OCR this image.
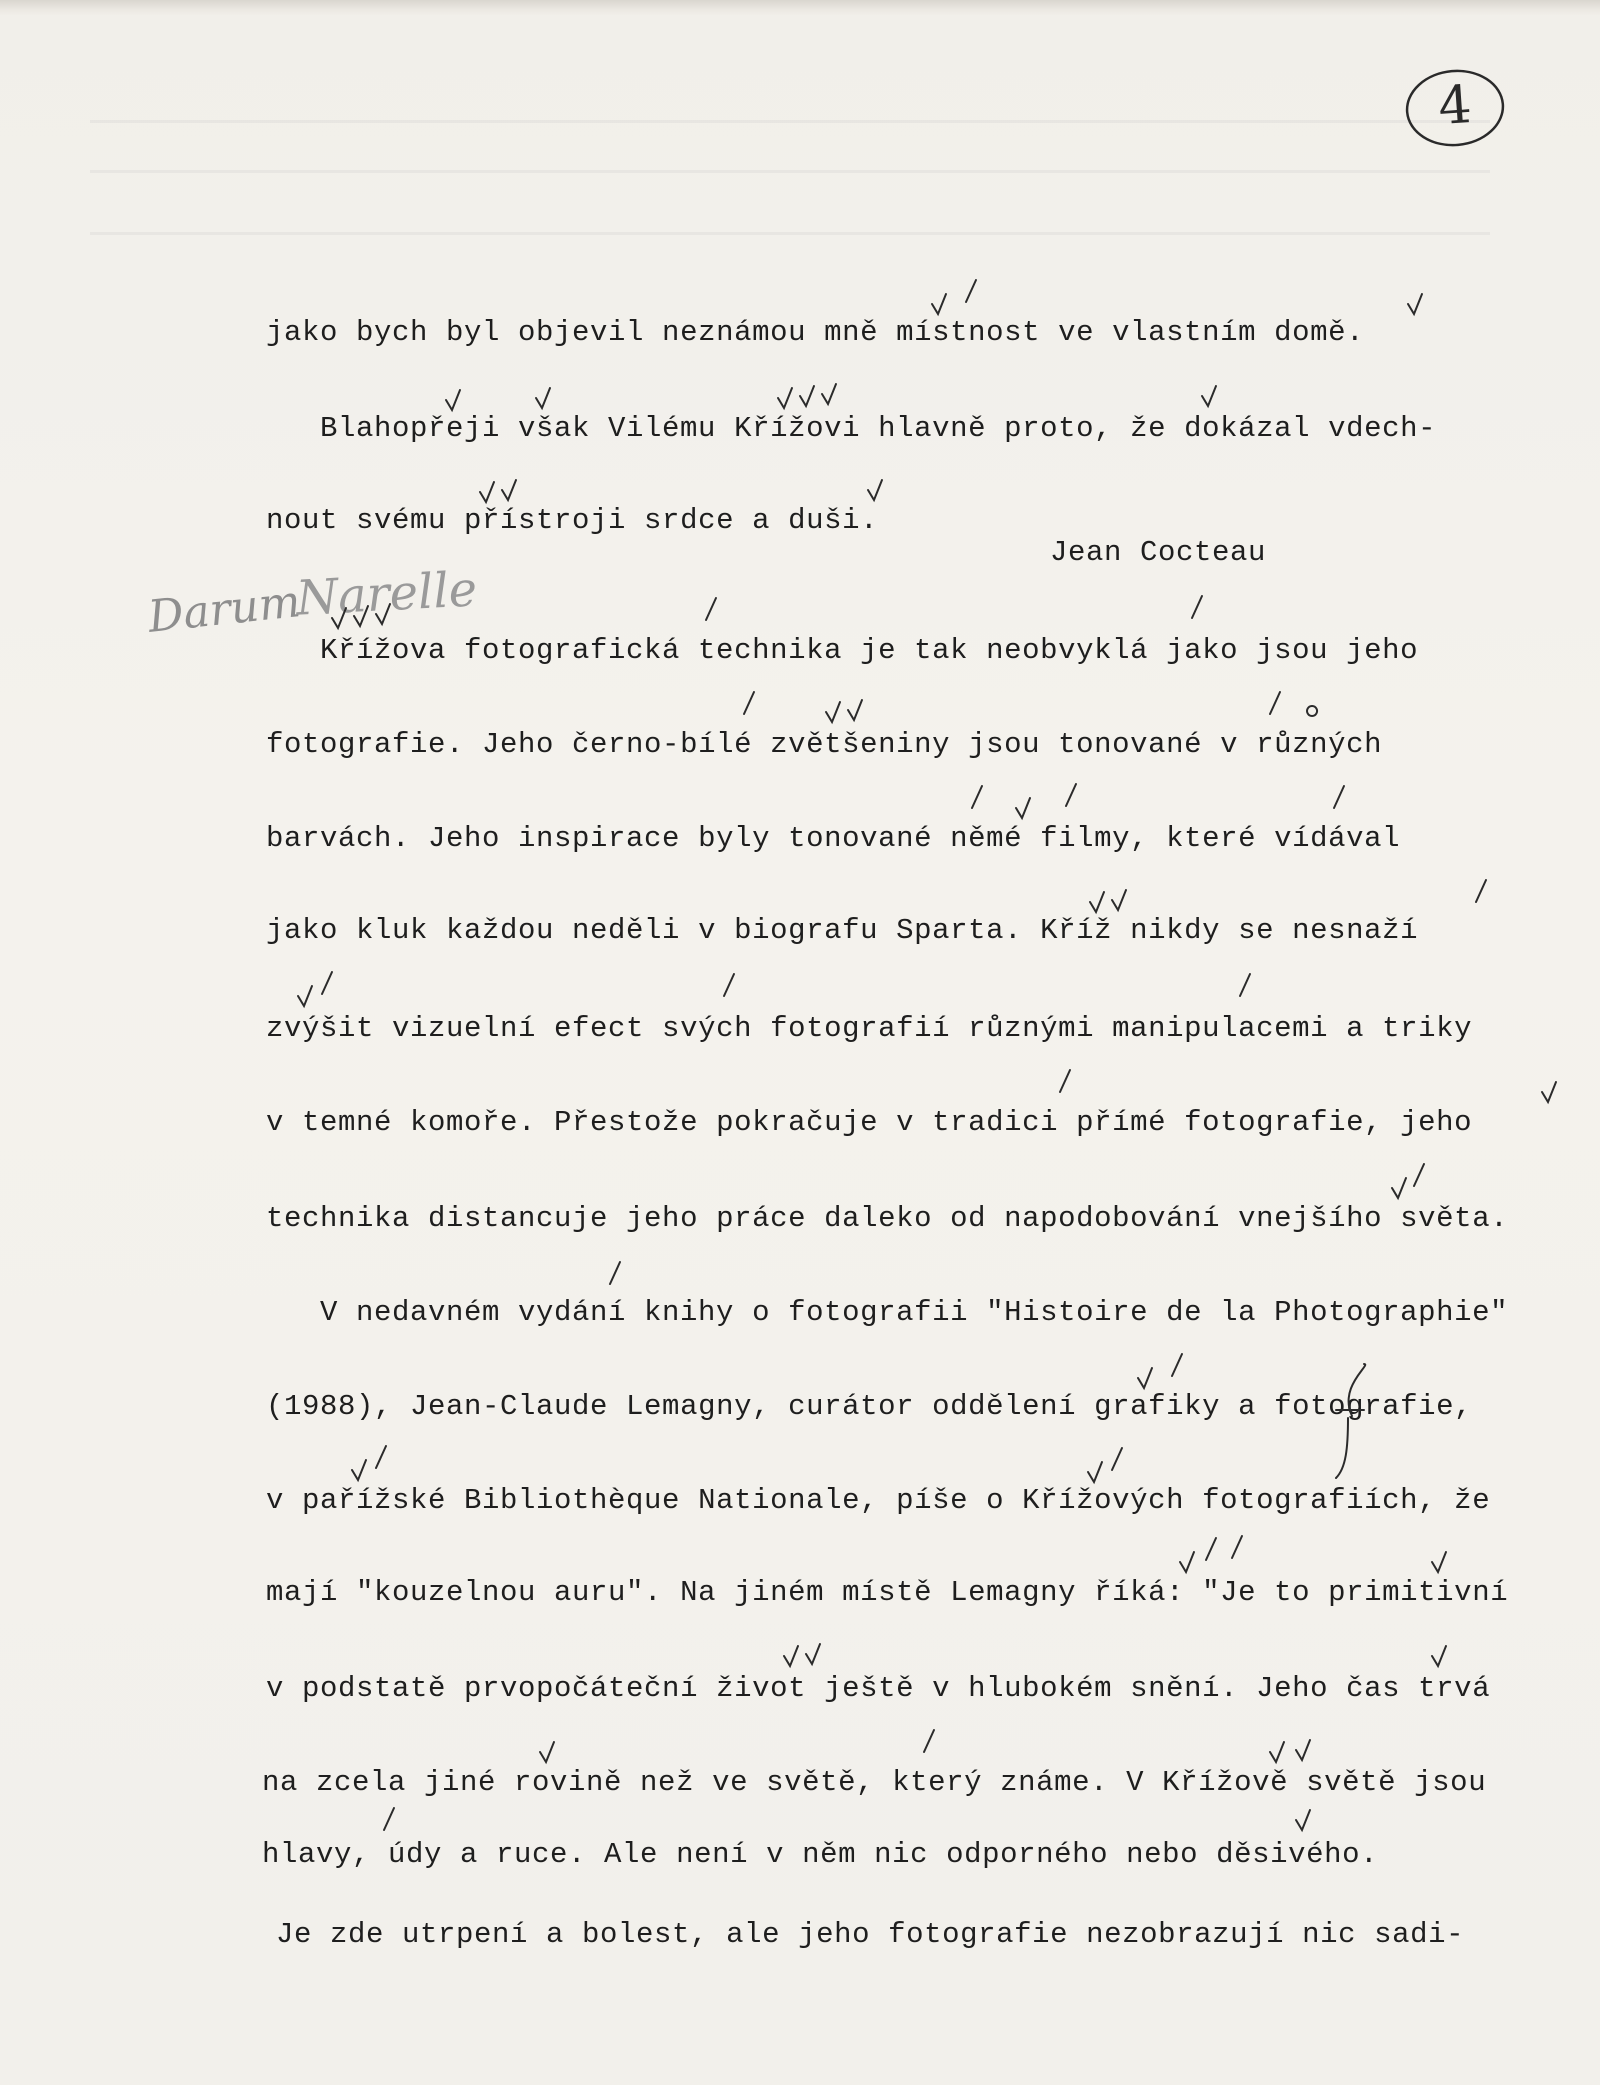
4
Darum
Narelle
jako bych byl objevil neznámou mně místnost ve vlastním domě.
Blahopřeji však Vilému Křížovi hlavně proto, že dokázal vdech-
nout svému přístroji srdce a duši.
Jean Cocteau
Křížova fotografická technika je tak neobvyklá jako jsou jeho
fotografie. Jeho černo-bílé zvětšeniny jsou tonované v různých
barvách. Jeho inspirace byly tonované němé filmy, které vídával
jako kluk každou neděli v biografu Sparta. Kříž nikdy se nesnaží
zvýšit vizuelní efect svých fotografií různými manipulacemi a triky
v temné komoře. Přestože pokračuje v tradici přímé fotografie, jeho
technika distancuje jeho práce daleko od napodobování vnejšího světa.
V nedavném vydání knihy o fotografii "Histoire de la Photographie"
(1988), Jean-Claude Lemagny, curátor oddělení grafiky a fotografie,
v pařížské Bibliothèque Nationale, píše o Křížových fotografiích, že
mají "kouzelnou auru". Na jiném místě Lemagny říká: "Je to primitivní
v podstatě prvopočáteční život ještě v hlubokém snění. Jeho čas trvá
na zcela jiné rovině než ve světě, který známe. V Křížově světě jsou
hlavy, údy a ruce. Ale není v něm nic odporného nebo děsivého.
Je zde utrpení a bolest, ale jeho fotografie nezobrazují nic sadi-
